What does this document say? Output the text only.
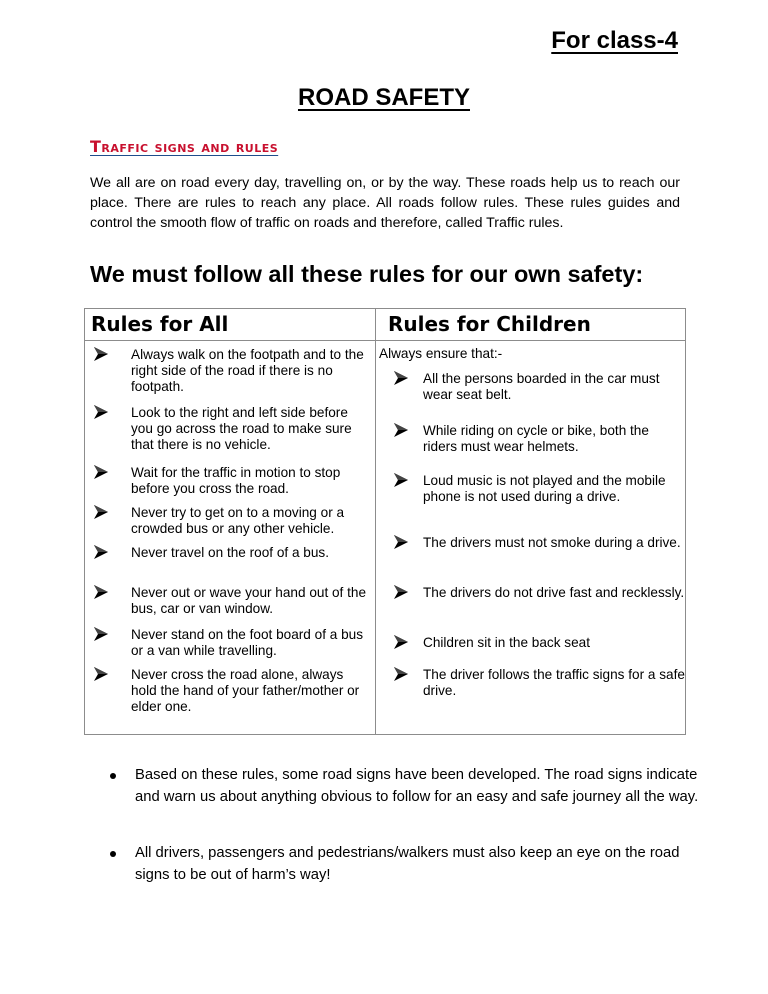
For class-4
ROAD SAFETY
Traffic signs and rules

We all are on road every day, travelling on, or by the way. These roads help us to reach our place. There are rules to reach any place. All roads follow rules. These rules guides and control the smooth flow of traffic on roads and therefore, called Traffic rules.

We must follow all these rules for our own safety:
Rules for All	Rules for Children
Always ensure that:-
Always walk on the footpath and to the right side of the road if there is no footpath.
Look to the right and left side before you go across the road to make sure that there is no vehicle.
Wait for the traffic in motion to stop before you cross the road.
Never try to get on to a moving or a crowded bus or any other vehicle.
Never travel on the roof of a bus.
Never out or wave your hand out of the bus, car or van window.
Never stand on the foot board of a bus or a van while travelling.
Never cross the road alone, always hold the hand of your father/mother or elder one.
All the persons boarded in the car must wear seat belt.
While riding on cycle or bike, both the riders must wear helmets.
Loud music is not played and the mobile phone is not used during a drive.
The drivers must not smoke during a drive.
The drivers do not drive fast and recklessly.
Children sit in the back seat
The driver follows the traffic signs for a safe drive.
Based on these rules, some road signs have been developed. The road signs indicate and warn us about anything obvious to follow for an easy and safe journey all the way.
All drivers, passengers and pedestrians/walkers must also keep an eye on the road signs to be out of harm’s way!
